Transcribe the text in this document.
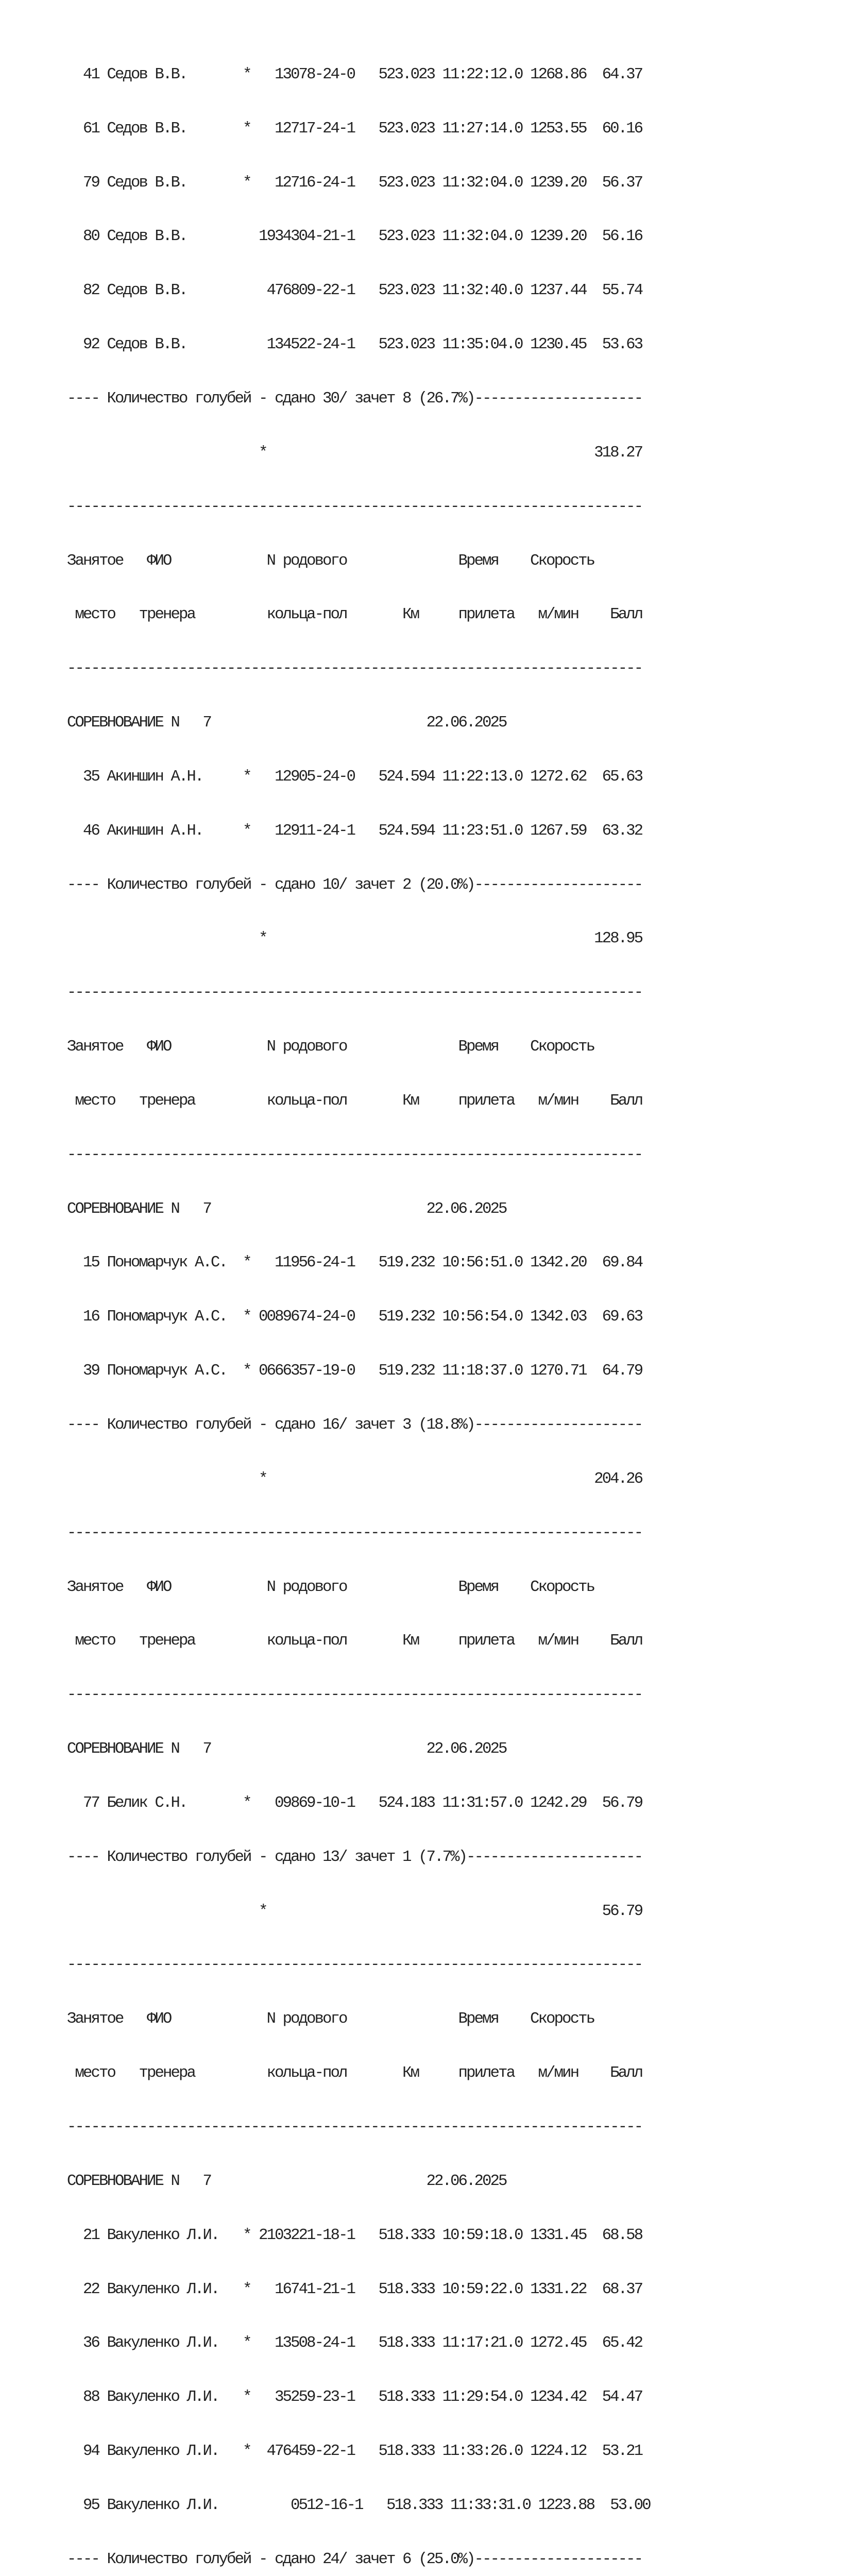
41 Седов В.В.       *   13078-24-0   523.023 11:22:12.0 1268.86  64.37

61 Седов В.В.       *   12717-24-1   523.023 11:27:14.0 1253.55  60.16

79 Седов В.В.       *   12716-24-1   523.023 11:32:04.0 1239.20  56.37

80 Седов В.В.         1934304-21-1   523.023 11:32:04.0 1239.20  56.16

82 Седов В.В.          476809-22-1   523.023 11:32:40.0 1237.44  55.74

92 Седов В.В.          134522-24-1   523.023 11:35:04.0 1230.45  53.63

---- Количество голубей - сдано 30/ зачет 8 (26.7%)---------------------

*                                         318.27

------------------------------------------------------------------------

Занятое   ФИО            N родового              Время    Скорость

место   тренера         кольца-пол       Км     прилета   м/мин    Балл

------------------------------------------------------------------------

СОРЕВНОВАНИЕ N   7                           22.06.2025

35 Акиншин А.Н.     *   12905-24-0   524.594 11:22:13.0 1272.62  65.63

46 Акиншин А.Н.     *   12911-24-1   524.594 11:23:51.0 1267.59  63.32

---- Количество голубей - сдано 10/ зачет 2 (20.0%)---------------------

*                                         128.95

------------------------------------------------------------------------

Занятое   ФИО            N родового              Время    Скорость

место   тренера         кольца-пол       Км     прилета   м/мин    Балл

------------------------------------------------------------------------

СОРЕВНОВАНИЕ N   7                           22.06.2025

15 Пономарчук А.С.  *   11956-24-1   519.232 10:56:51.0 1342.20  69.84

16 Пономарчук А.С.  * 0089674-24-0   519.232 10:56:54.0 1342.03  69.63

39 Пономарчук А.С.  * 0666357-19-0   519.232 11:18:37.0 1270.71  64.79

---- Количество голубей - сдано 16/ зачет 3 (18.8%)---------------------

*                                         204.26

------------------------------------------------------------------------

Занятое   ФИО            N родового              Время    Скорость

место   тренера         кольца-пол       Км     прилета   м/мин    Балл

------------------------------------------------------------------------

СОРЕВНОВАНИЕ N   7                           22.06.2025

77 Белик С.Н.       *   09869-10-1   524.183 11:31:57.0 1242.29  56.79

---- Количество голубей - сдано 13/ зачет 1 (7.7%)----------------------

*                                          56.79

------------------------------------------------------------------------

Занятое   ФИО            N родового              Время    Скорость

место   тренера         кольца-пол       Км     прилета   м/мин    Балл

------------------------------------------------------------------------

СОРЕВНОВАНИЕ N   7                           22.06.2025

21 Вакуленко Л.И.   * 2103221-18-1   518.333 10:59:18.0 1331.45  68.58

22 Вакуленко Л.И.   *   16741-21-1   518.333 10:59:22.0 1331.22  68.37

36 Вакуленко Л.И.   *   13508-24-1   518.333 11:17:21.0 1272.45  65.42

88 Вакуленко Л.И.   *   35259-23-1   518.333 11:29:54.0 1234.42  54.47

94 Вакуленко Л.И.   *  476459-22-1   518.333 11:33:26.0 1224.12  53.21

95 Вакуленко Л.И.         0512-16-1   518.333 11:33:31.0 1223.88  53.00

---- Количество голубей - сдано 24/ зачет 6 (25.0%)---------------------
